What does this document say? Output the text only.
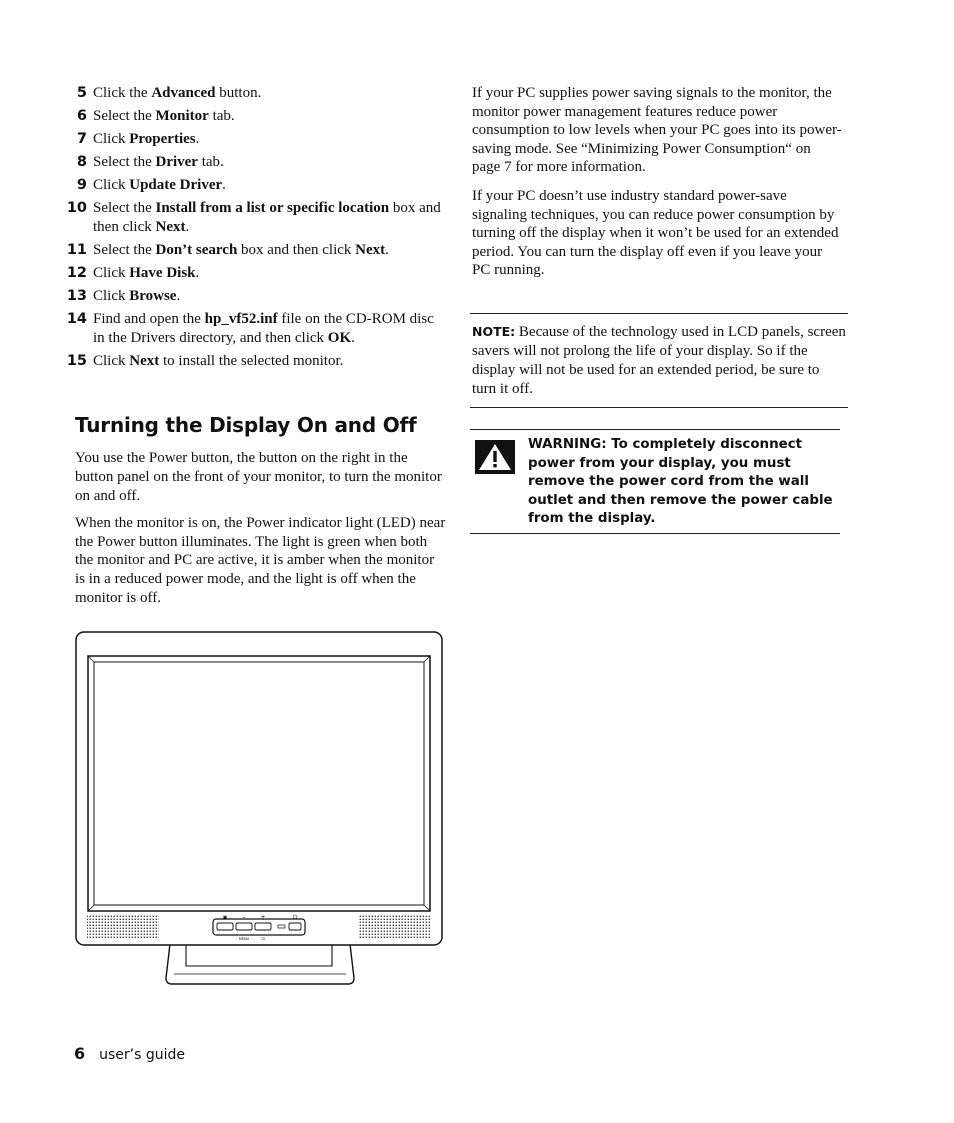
5 Click the Advanced button.
6 Select the Monitor tab.
7 Click Properties.
8 Select the Driver tab.
9 Click Update Driver.
10 Select the Install from a list or specific location box and then click Next.
11 Select the Don’t search box and then click Next.
12 Click Have Disk.
13 Click Browse.
14 Find and open the hp_vf52.inf file on the CD-ROM disc in the Drivers directory, and then click OK.
15 Click Next to install the selected monitor.
Turning the Display On and Off

You use the Power button, the button on the right in the button panel on the front of your monitor, to turn the monitor on and off.

When the monitor is on, the Power indicator light (LED) near the Power button illuminates. The light is green when both the monitor and PC are active, it is amber when the monitor is in a reduced power mode, and the light is off when the monitor is off.

If your PC supplies power saving signals to the monitor, the monitor power management features reduce power consumption to low levels when your PC goes into its power-saving mode. See “Minimizing Power Consumption“ on page 7 for more information.

If your PC doesn’t use industry standard power-save signaling techniques, you can reduce power consumption by turning off the display when it won’t be used for an extended period. You can turn the display off even if you leave your PC running.

NOTE: Because of the technology used in LCD panels, screen savers will not prolong the life of your display. So if the display will not be used for an extended period, be sure to turn it off.

WARNING: To completely disconnect power from your display, you must remove the power cord from the wall outlet and then remove the power cable from the display.
▣	– +	⏻
MENU	⊡
6 user’s guide
